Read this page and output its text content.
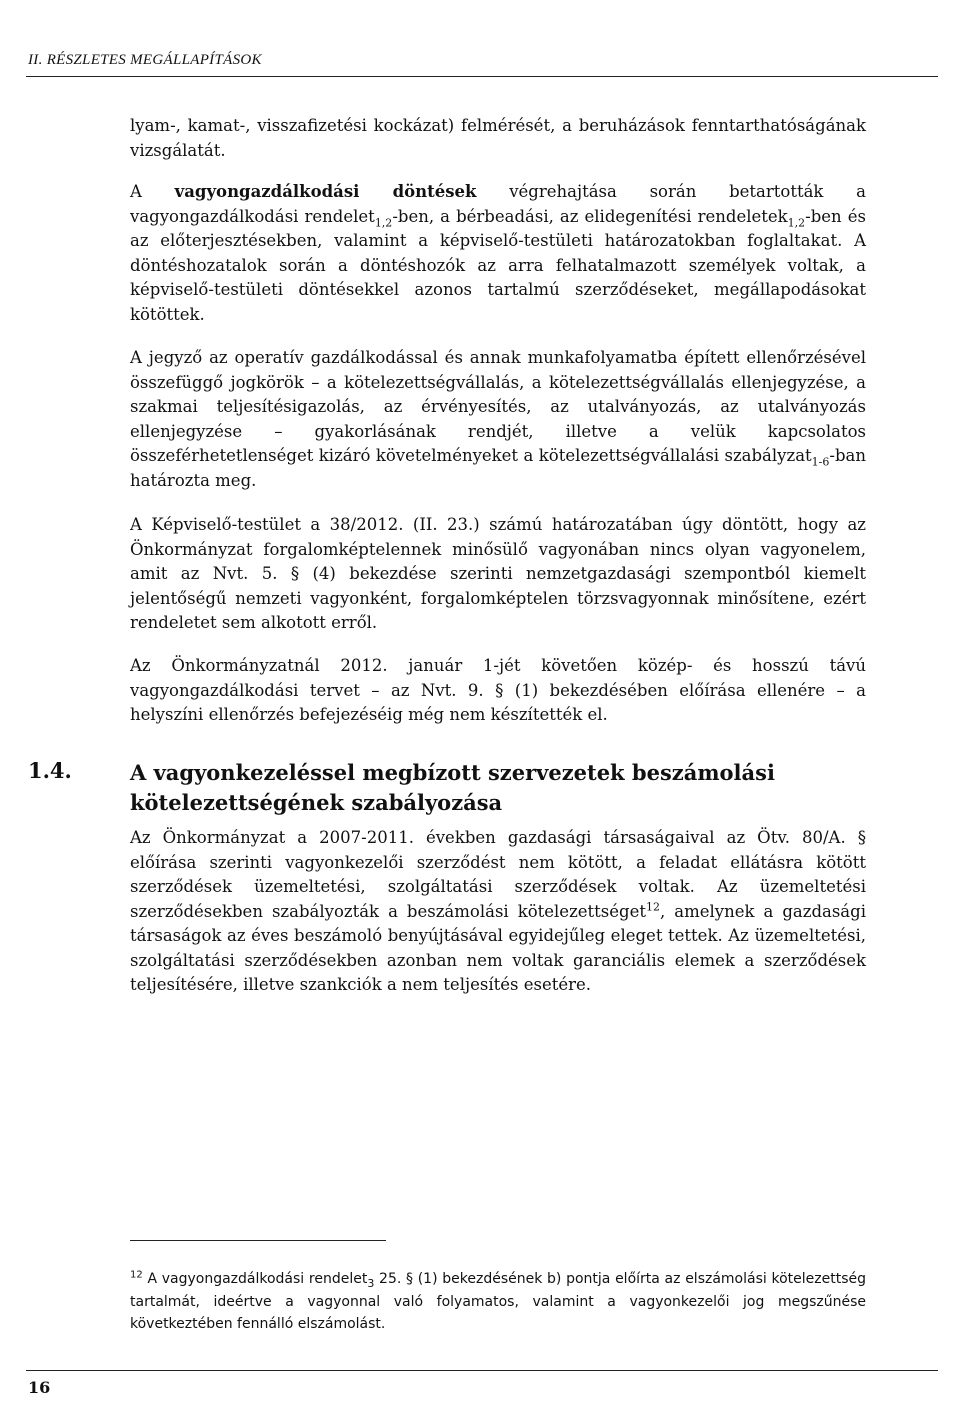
II. RÉSZLETES MEGÁLLAPÍTÁSOK

lyam-, kamat-, visszafizetési kockázat) felmérését, a beruházások fenntarthatóságának vizsgálatát.

A vagyongazdálkodási döntések végrehajtása során betartották a vagyongazdálkodási rendelet$_{1,2}$-ben, a bérbeadási, az elidegenítési rendeletek$_{1,2}$-ben és az előterjesztésekben, valamint a képviselő-testületi határozatokban foglaltakat. A döntéshozatalok során a döntéshozók az arra felhatalmazott személyek voltak, a képviselő-testületi döntésekkel azonos tartalmú szerződéseket, megállapodásokat kötöttek.

A jegyző az operatív gazdálkodással és annak munkafolyamatba épített ellenőrzésével összefüggő jogkörök – a kötelezettségvállalás, a kötelezettségvállalás ellenjegyzése, a szakmai teljesítésigazolás, az érvényesítés, az utalványozás, az utalványozás ellenjegyzése – gyakorlásának rendjét, illetve a velük kapcsolatos összeférhetetlenséget kizáró követelményeket a kötelezettségvállalási szabályzat$_{1-6}$-ban határozta meg.

A Képviselő-testület a 38/2012. (II. 23.) számú határozatában úgy döntött, hogy az Önkormányzat forgalomképtelennek minősülő vagyonában nincs olyan vagyonelem, amit az Nvt. 5. § (4) bekezdése szerinti nemzetgazdasági szempontból kiemelt jelentőségű nemzeti vagyonként, forgalomképtelen törzsvagyonnak minősítene, ezért rendeletet sem alkotott erről.

Az Önkormányzatnál 2012. január 1-jét követően közép- és hosszú távú vagyongazdálkodási tervet – az Nvt. 9. § (1) bekezdésében előírása ellenére – a helyszíni ellenőrzés befejezéséig még nem készítették el.

1.4.	A vagyonkezeléssel megbízott szervezetek beszámolási kötelezettségének szabályozása

Az Önkormányzat a 2007-2011. években gazdasági társaságaival az Ötv. 80/A. § előírása szerinti vagyonkezelői szerződést nem kötött, a feladat ellátásra kötött szerződések üzemeltetési, szolgáltatási szerződések voltak. Az üzemeltetési szerződésekben szabályozták a beszámolási kötelezettséget$^{12}$, amelynek a gazdasági társaságok az éves beszámoló benyújtásával egyidejűleg eleget tettek. Az üzemeltetési, szolgáltatási szerződésekben azonban nem voltak garanciális elemek a szerződések teljesítésére, illetve szankciók a nem teljesítés esetére.

$^{12}$ A vagyongazdálkodási rendelet$_3$ 25. § (1) bekezdésének b) pontja előírta az elszámolási kötelezettség tartalmát, ideértve a vagyonnal való folyamatos, valamint a vagyonkezelői jog megszűnése következtében fennálló elszámolást.

16
